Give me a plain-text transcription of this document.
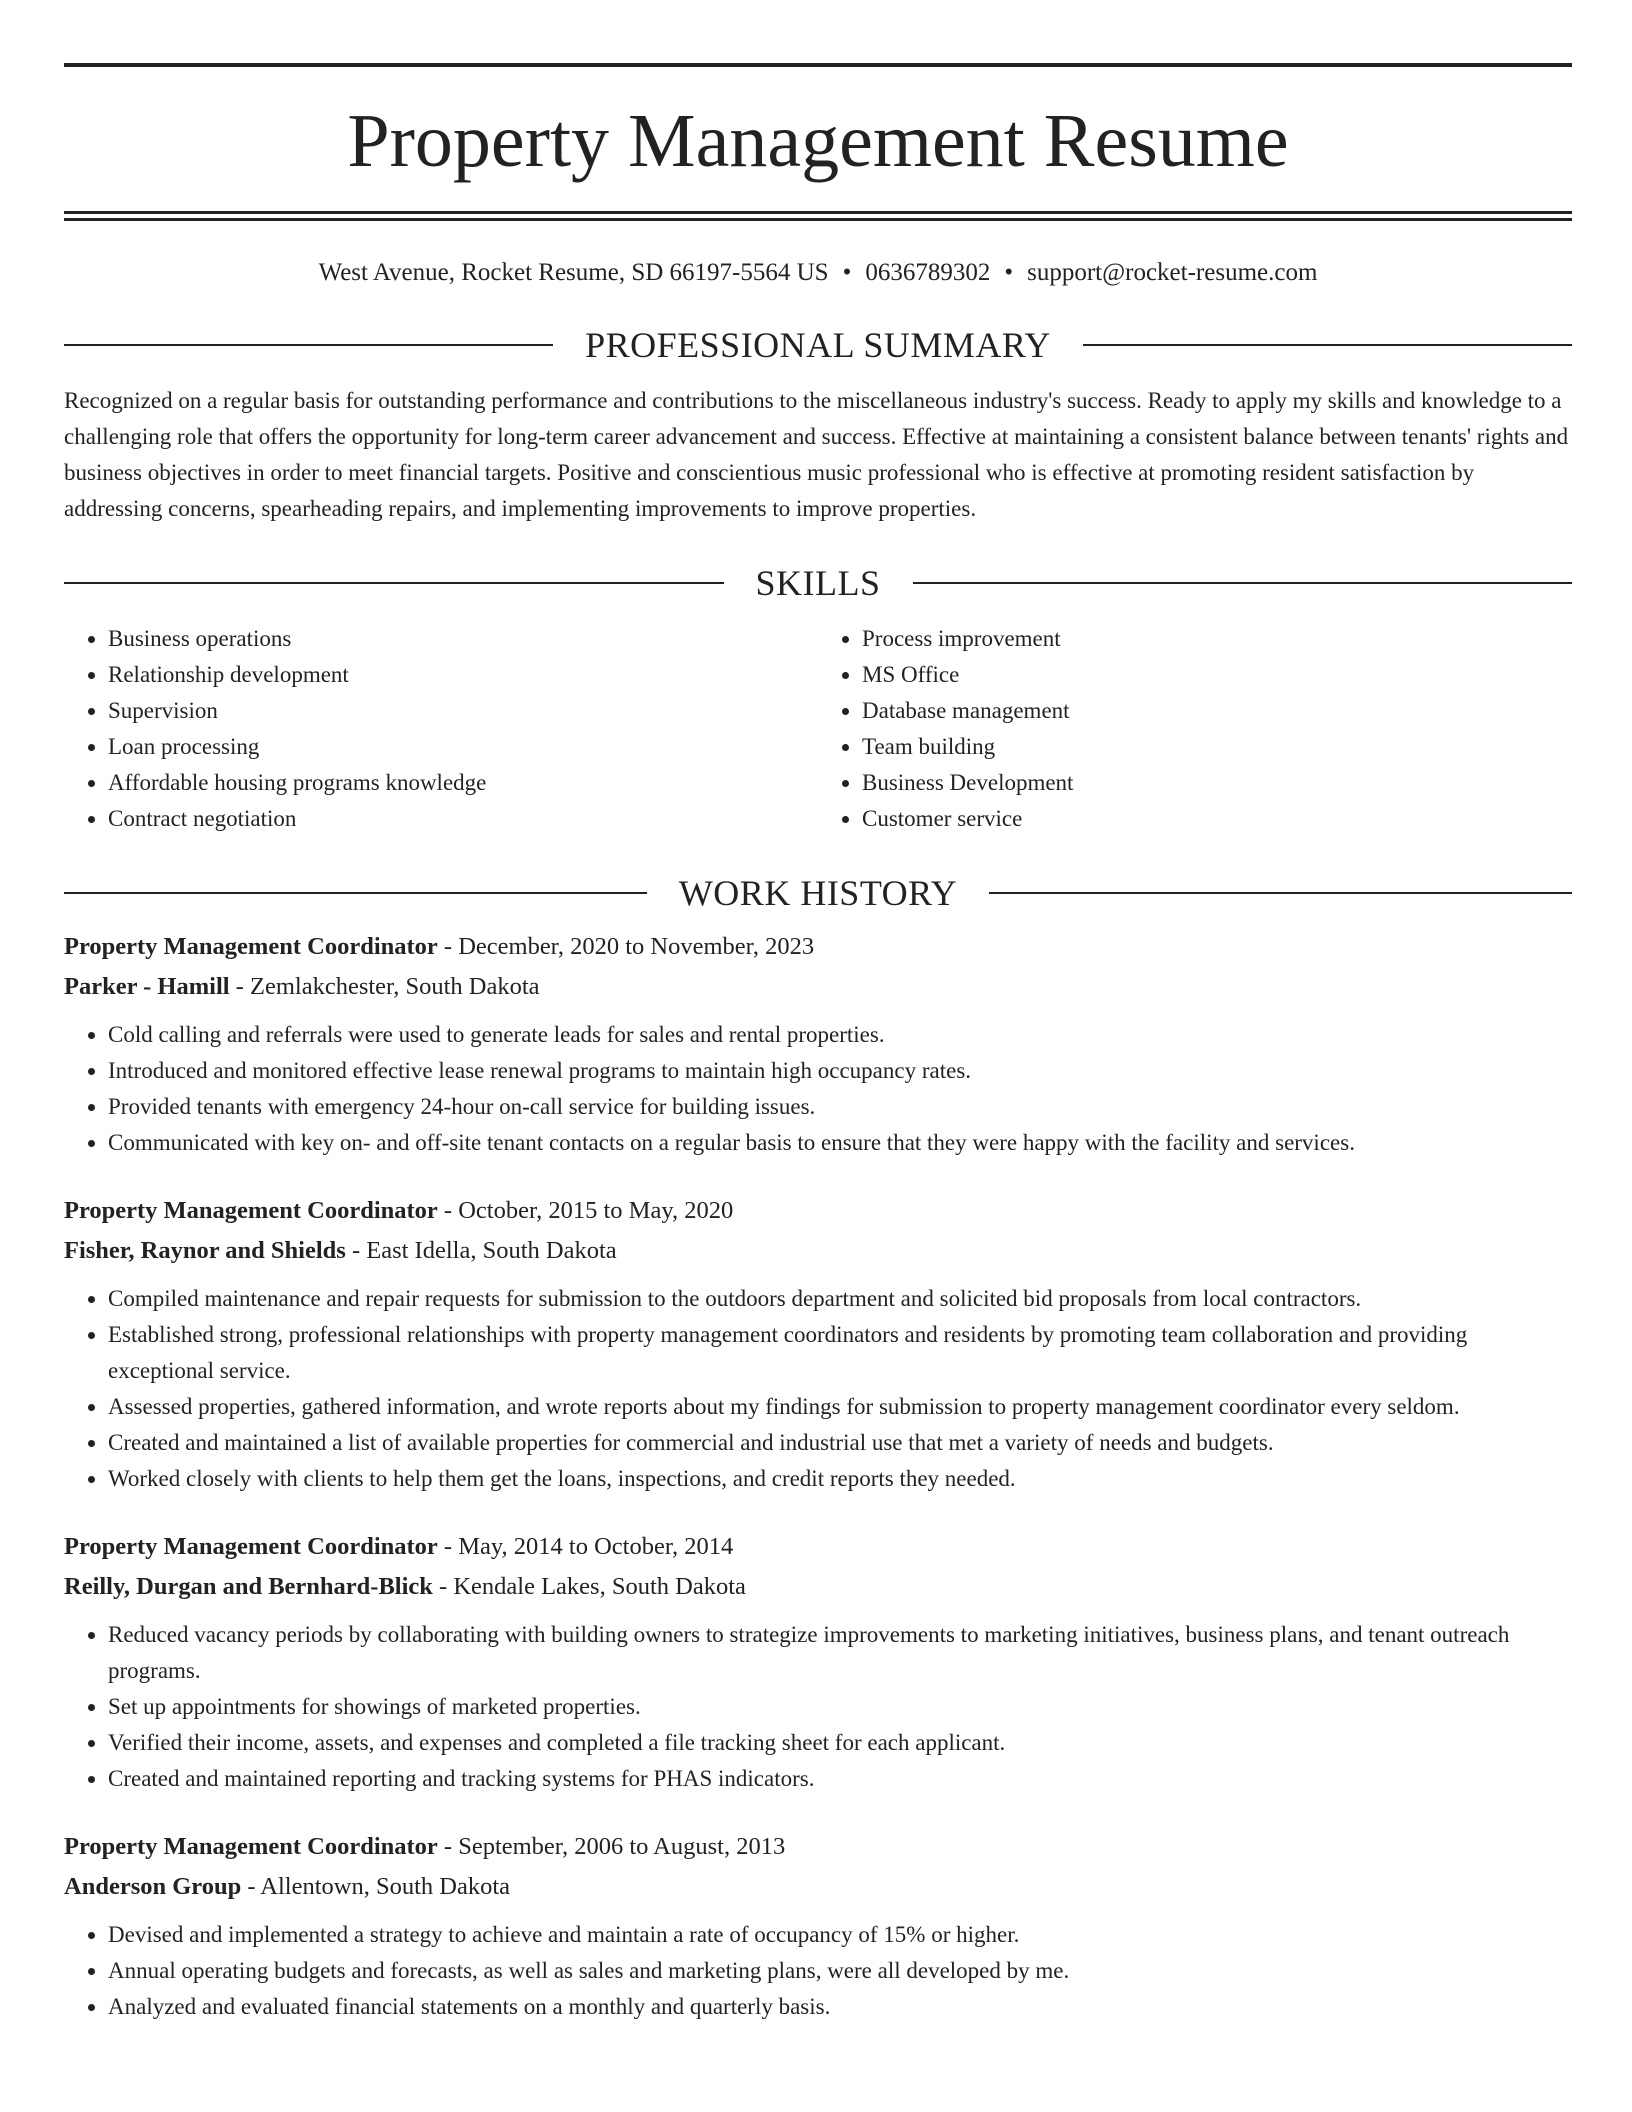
Property Management Resume
West Avenue, Rocket Resume, SD 66197-5564 US • 0636789302 • support@rocket-resume.com
PROFESSIONAL SUMMARY
Recognized on a regular basis for outstanding performance and contributions to the miscellaneous industry's success. Ready to apply my skills and knowledge to a challenging role that offers the opportunity for long-term career advancement and success. Effective at maintaining a consistent balance between tenants' rights and business objectives in order to meet financial targets. Positive and conscientious music professional who is effective at promoting resident satisfaction by addressing concerns, spearheading repairs, and implementing improvements to improve properties.
SKILLS
• Business operations
• Relationship development
• Supervision
• Loan processing
• Affordable housing programs knowledge
• Contract negotiation
• Process improvement
• MS Office
• Database management
• Team building
• Business Development
• Customer service
WORK HISTORY
Property Management Coordinator - December, 2020 to November, 2023
Parker - Hamill - Zemlakchester, South Dakota
• Cold calling and referrals were used to generate leads for sales and rental properties.
• Introduced and monitored effective lease renewal programs to maintain high occupancy rates.
• Provided tenants with emergency 24-hour on-call service for building issues.
• Communicated with key on- and off-site tenant contacts on a regular basis to ensure that they were happy with the facility and services.
Property Management Coordinator - October, 2015 to May, 2020
Fisher, Raynor and Shields - East Idella, South Dakota
• Compiled maintenance and repair requests for submission to the outdoors department and solicited bid proposals from local contractors.
• Established strong, professional relationships with property management coordinators and residents by promoting team collaboration and providing exceptional service.
• Assessed properties, gathered information, and wrote reports about my findings for submission to property management coordinator every seldom.
• Created and maintained a list of available properties for commercial and industrial use that met a variety of needs and budgets.
• Worked closely with clients to help them get the loans, inspections, and credit reports they needed.
Property Management Coordinator - May, 2014 to October, 2014
Reilly, Durgan and Bernhard-Blick - Kendale Lakes, South Dakota
• Reduced vacancy periods by collaborating with building owners to strategize improvements to marketing initiatives, business plans, and tenant outreach programs.
• Set up appointments for showings of marketed properties.
• Verified their income, assets, and expenses and completed a file tracking sheet for each applicant.
• Created and maintained reporting and tracking systems for PHAS indicators.
Property Management Coordinator - September, 2006 to August, 2013
Anderson Group - Allentown, South Dakota
• Devised and implemented a strategy to achieve and maintain a rate of occupancy of 15% or higher.
• Annual operating budgets and forecasts, as well as sales and marketing plans, were all developed by me.
• Analyzed and evaluated financial statements on a monthly and quarterly basis.
